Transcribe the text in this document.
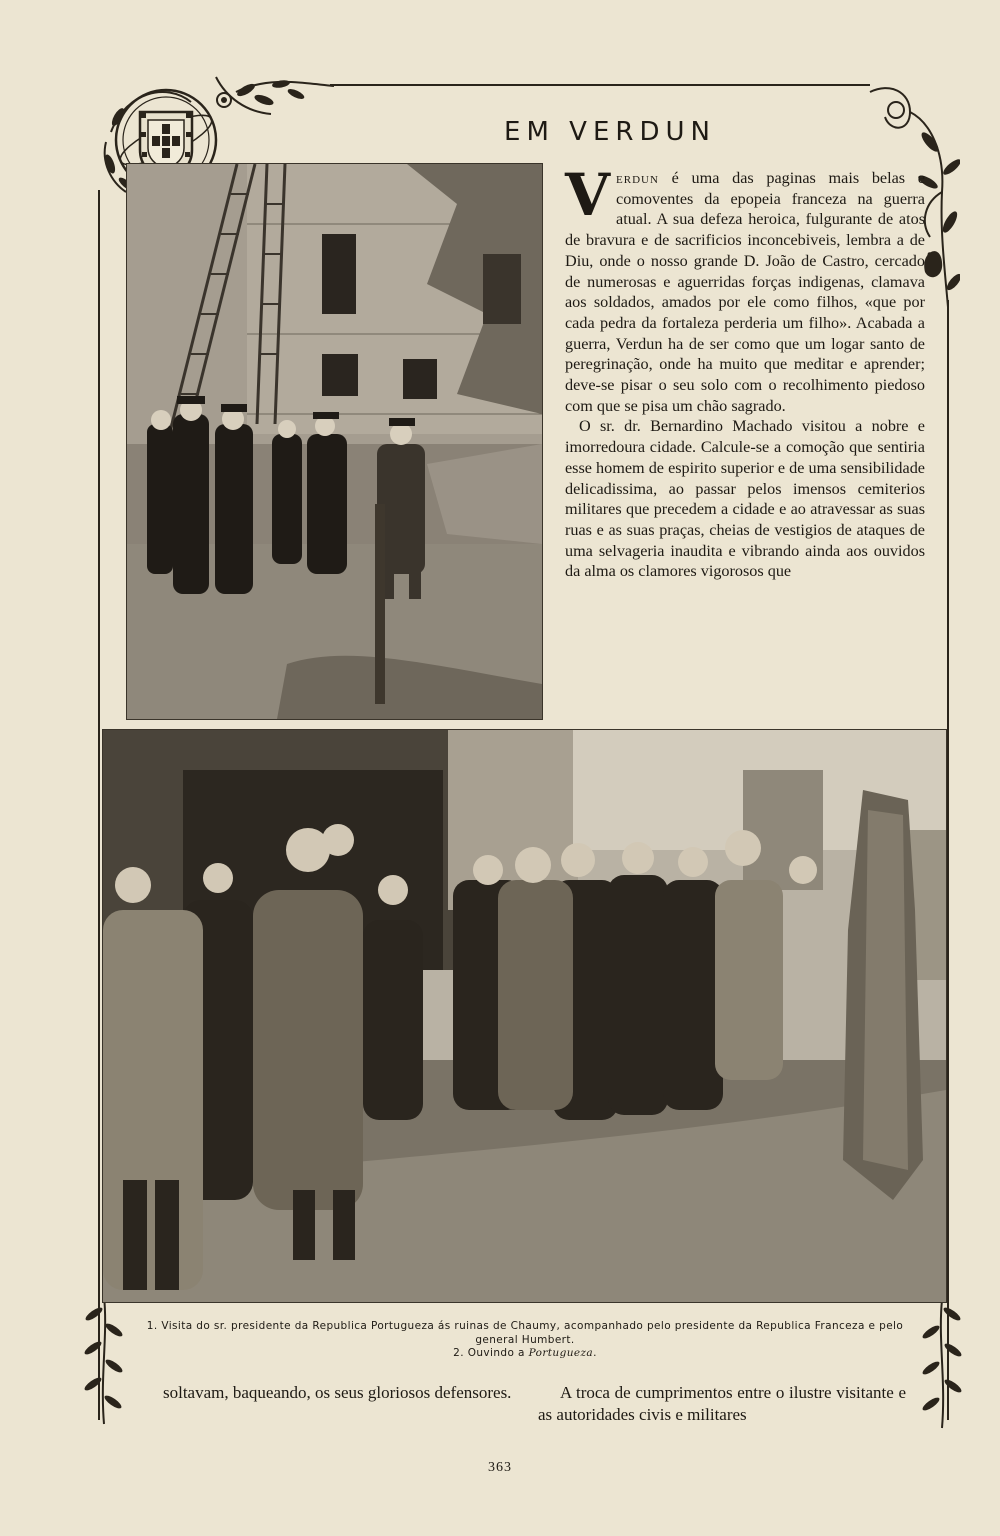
EM VERDUN

Verdun é uma das paginas mais belas e comoventes da epopeia franceza na guerra atual. A sua defeza heroica, fulgurante de atos de bravura e de sacrificios inconcebiveis, lembra a de Diu, onde o nosso grande D. João de Castro, cercado de numerosas e aguerridas forças indigenas, clamava aos soldados, amados por ele como filhos, «que por cada pedra da fortaleza perderia um filho». Acabada a guerra, Verdun ha de ser como que um logar santo de peregrinação, onde ha muito que meditar e aprender; deve-se pisar o seu solo com o recolhimento piedoso com que se pisa um chão sagrado.

O sr. dr. Bernardino Machado visitou a nobre e imorredoura cidade. Calcule-se a comoção que sentiria esse homem de espirito superior e de uma sensibilidade delicadissima, ao passar pelos imensos cemiterios militares que precedem a cidade e ao atravessar as suas ruas e as suas praças, cheias de vestigios de ataques de uma selvageria inaudita e vibrando ainda aos ouvidos da alma os clamores vigorosos que

1. Visita do sr. presidente da Republica Portugueza ás ruinas de Chaumy, acompanhado pelo presidente da Republica Franceza e pelo general Humbert.
2. Ouvindo a Portugueza.

soltavam, baqueando, os seus gloriosos defensores.	A troca de cumprimentos entre o ilustre visitante e as autoridades civis e militares

363
